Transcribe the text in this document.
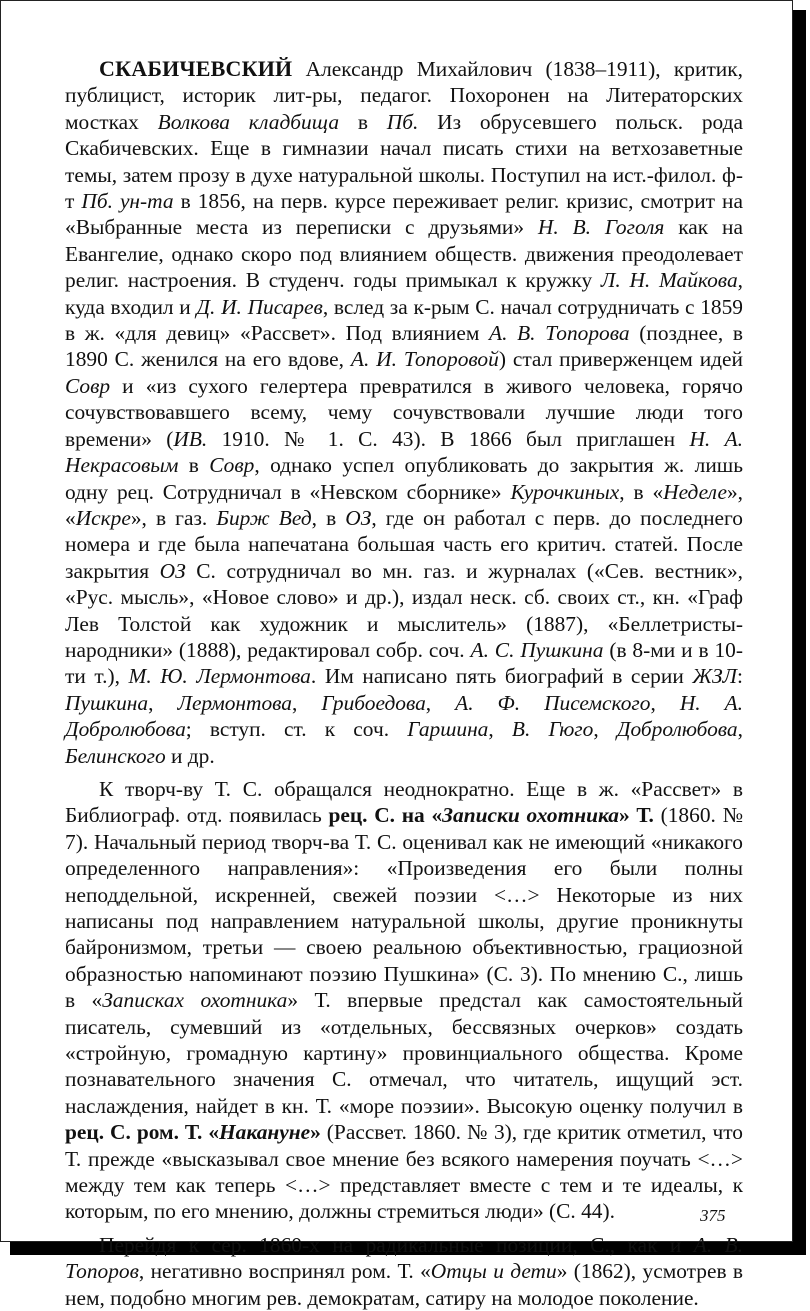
СКАБИЧЕВСКИЙ Александр Михайлович (1838–1911), критик, публицист, историк лит-ры, педагог. Похоронен на Литераторских мостках Волкова кладбища в Пб. Из обрусевшего польск. рода Скабичевских. Еще в гимназии начал писать стихи на ветхозаветные темы, затем прозу в духе натуральной школы. Поступил на ист.-филол. ф-т Пб. ун-та в 1856, на перв. курсе переживает религ. кризис, смотрит на «Выбранные места из переписки с друзьями» Н. В. Гоголя как на Евангелие, однако скоро под влиянием обществ. движения преодолевает религ. настроения. В студенч. годы примыкал к кружку Л. Н. Майкова, куда входил и Д. И. Писарев, вслед за к-рым С. начал сотрудничать с 1859 в ж. «для девиц» «Рассвет». Под влиянием А. В. Топорова (позднее, в 1890 С. женился на его вдове, А. И. Топоровой) стал приверженцем идей Совр и «из сухого гелертера превратился в живого человека, горячо сочувствовавшего всему, чему сочувствовали лучшие люди того времени» (ИВ. 1910. № 1. С. 43). В 1866 был приглашен Н. А. Некрасовым в Совр, однако успел опубликовать до закрытия ж. лишь одну рец. Сотрудничал в «Невском сборнике» Курочкиных, в «Неделе», «Искре», в газ. Бирж Вед, в ОЗ, где он работал с перв. до последнего номера и где была напечатана большая часть его критич. статей. После закрытия ОЗ С. сотрудничал во мн. газ. и журналах («Сев. вестник», «Рус. мысль», «Новое слово» и др.), издал неск. сб. своих ст., кн. «Граф Лев Толстой как художник и мыслитель» (1887), «Беллетристы-народники» (1888), редактировал собр. соч. А. С. Пушкина (в 8-ми и в 10-ти т.), М. Ю. Лермонтова. Им написано пять биографий в серии ЖЗЛ: Пушкина, Лермонтова, Грибоедова, А. Ф. Писемского, Н. А. Добролюбова; вступ. ст. к соч. Гаршина, В. Гюго, Добролюбова, Белинского и др.

К творч-ву Т. С. обращался неоднократно. Еще в ж. «Рассвет» в Библиограф. отд. появилась рец. С. на «Записки охотника» Т. (1860. № 7). Начальный период творч-ва Т. С. оценивал как не имеющий «никакого определенного направления»: «Произведения его были полны неподдельной, искренней, свежей поэзии <…> Некоторые из них написаны под направлением натуральной школы, другие проникнуты байронизмом, третьи — своею реальною объективностью, грациозной образностью напоминают поэзию Пушкина» (С. 3). По мнению С., лишь в «Записках охотника» Т. впервые предстал как самостоятельный писатель, сумевший из «отдельных, бессвязных очерков» создать «стройную, громадную картину» провинциального общества. Кроме познавательного значения С. отмечал, что читатель, ищущий эст. наслаждения, найдет в кн. Т. «море поэзии». Высокую оценку получил в рец. С. ром. Т. «Накануне» (Рассвет. 1860. № 3), где критик отметил, что Т. прежде «высказывал свое мнение без всякого намерения поучать <…> между тем как теперь <…> представляет вместе с тем и те идеалы, к которым, по его мнению, должны стремиться люди» (С. 44).

Перейдя к сер. 1860-х на радикальные позиции, С., как и А. В. Топоров, негативно воспринял ром. Т. «Отцы и дети» (1862), усмотрев в нем, подобно многим рев. демократам, сатиру на молодое поколение.

375
